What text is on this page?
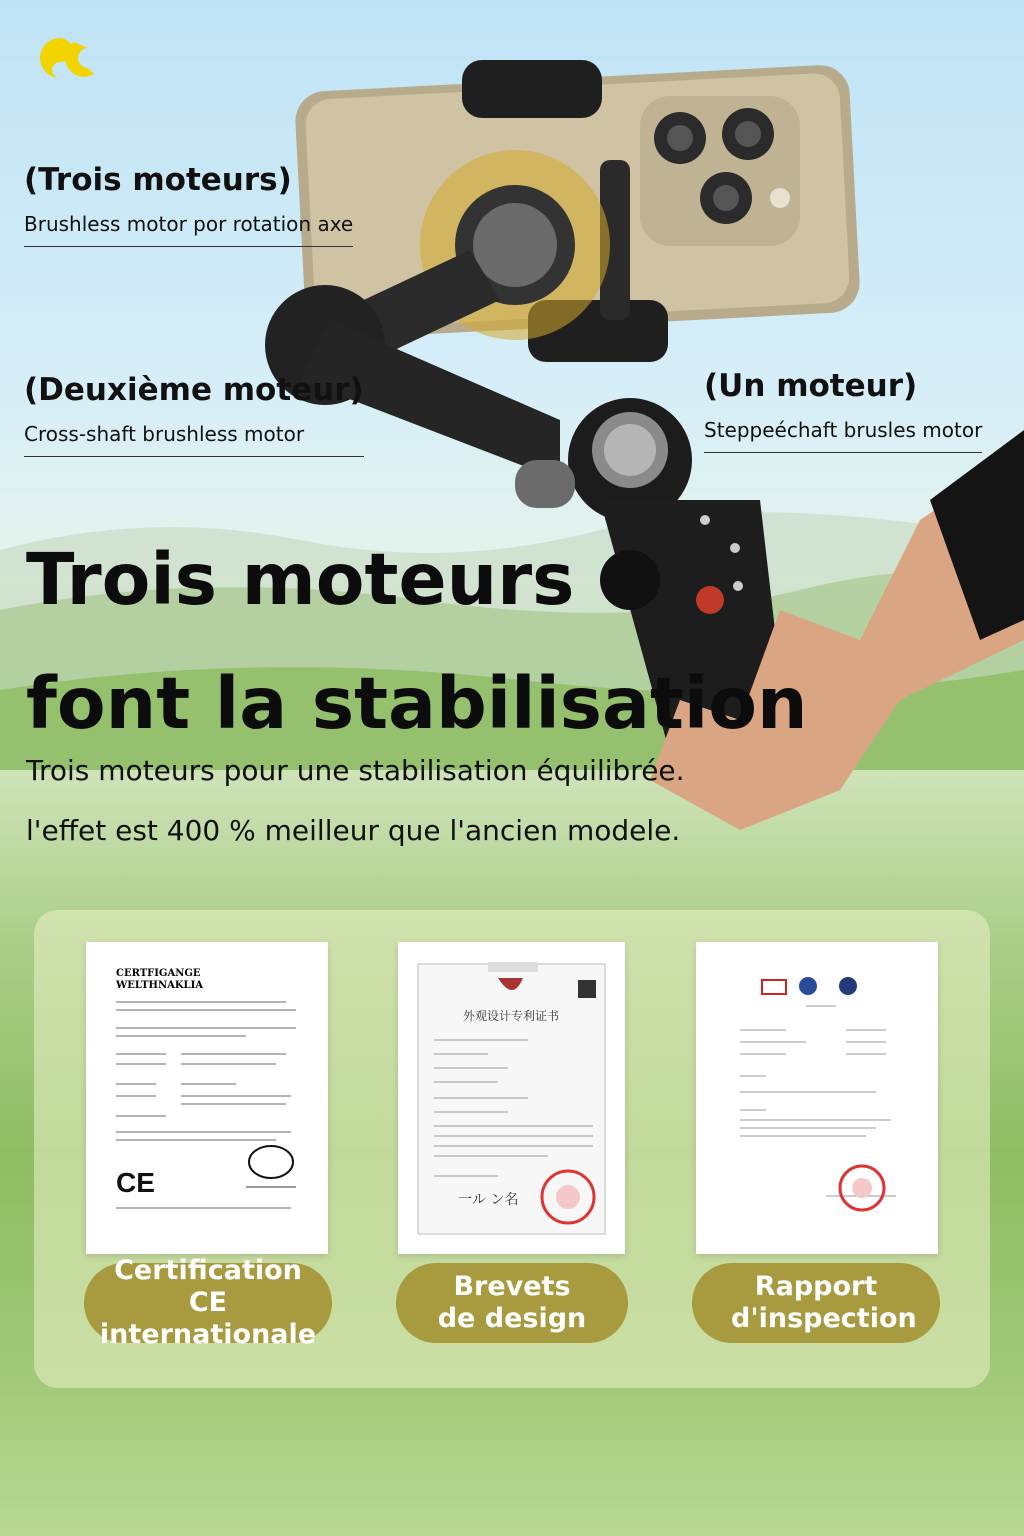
(Trois moteurs)
Brushless motor por rotation axe
(Deuxième moteur)
Cross-shaft brushless motor
(Un moteur)
Steppeéchaft brusles motor
Trois moteurs
font la stabilisation
Trois moteurs pour une stabilisation équilibrée.
l'effet est 400 % meilleur que l'ancien modele.
CERTFIGANGE WELTHNAKLIA
CE
外观设计专利证书
一ル ン名
Certification CE internationale
Brevets de design
Rapport d'inspection
